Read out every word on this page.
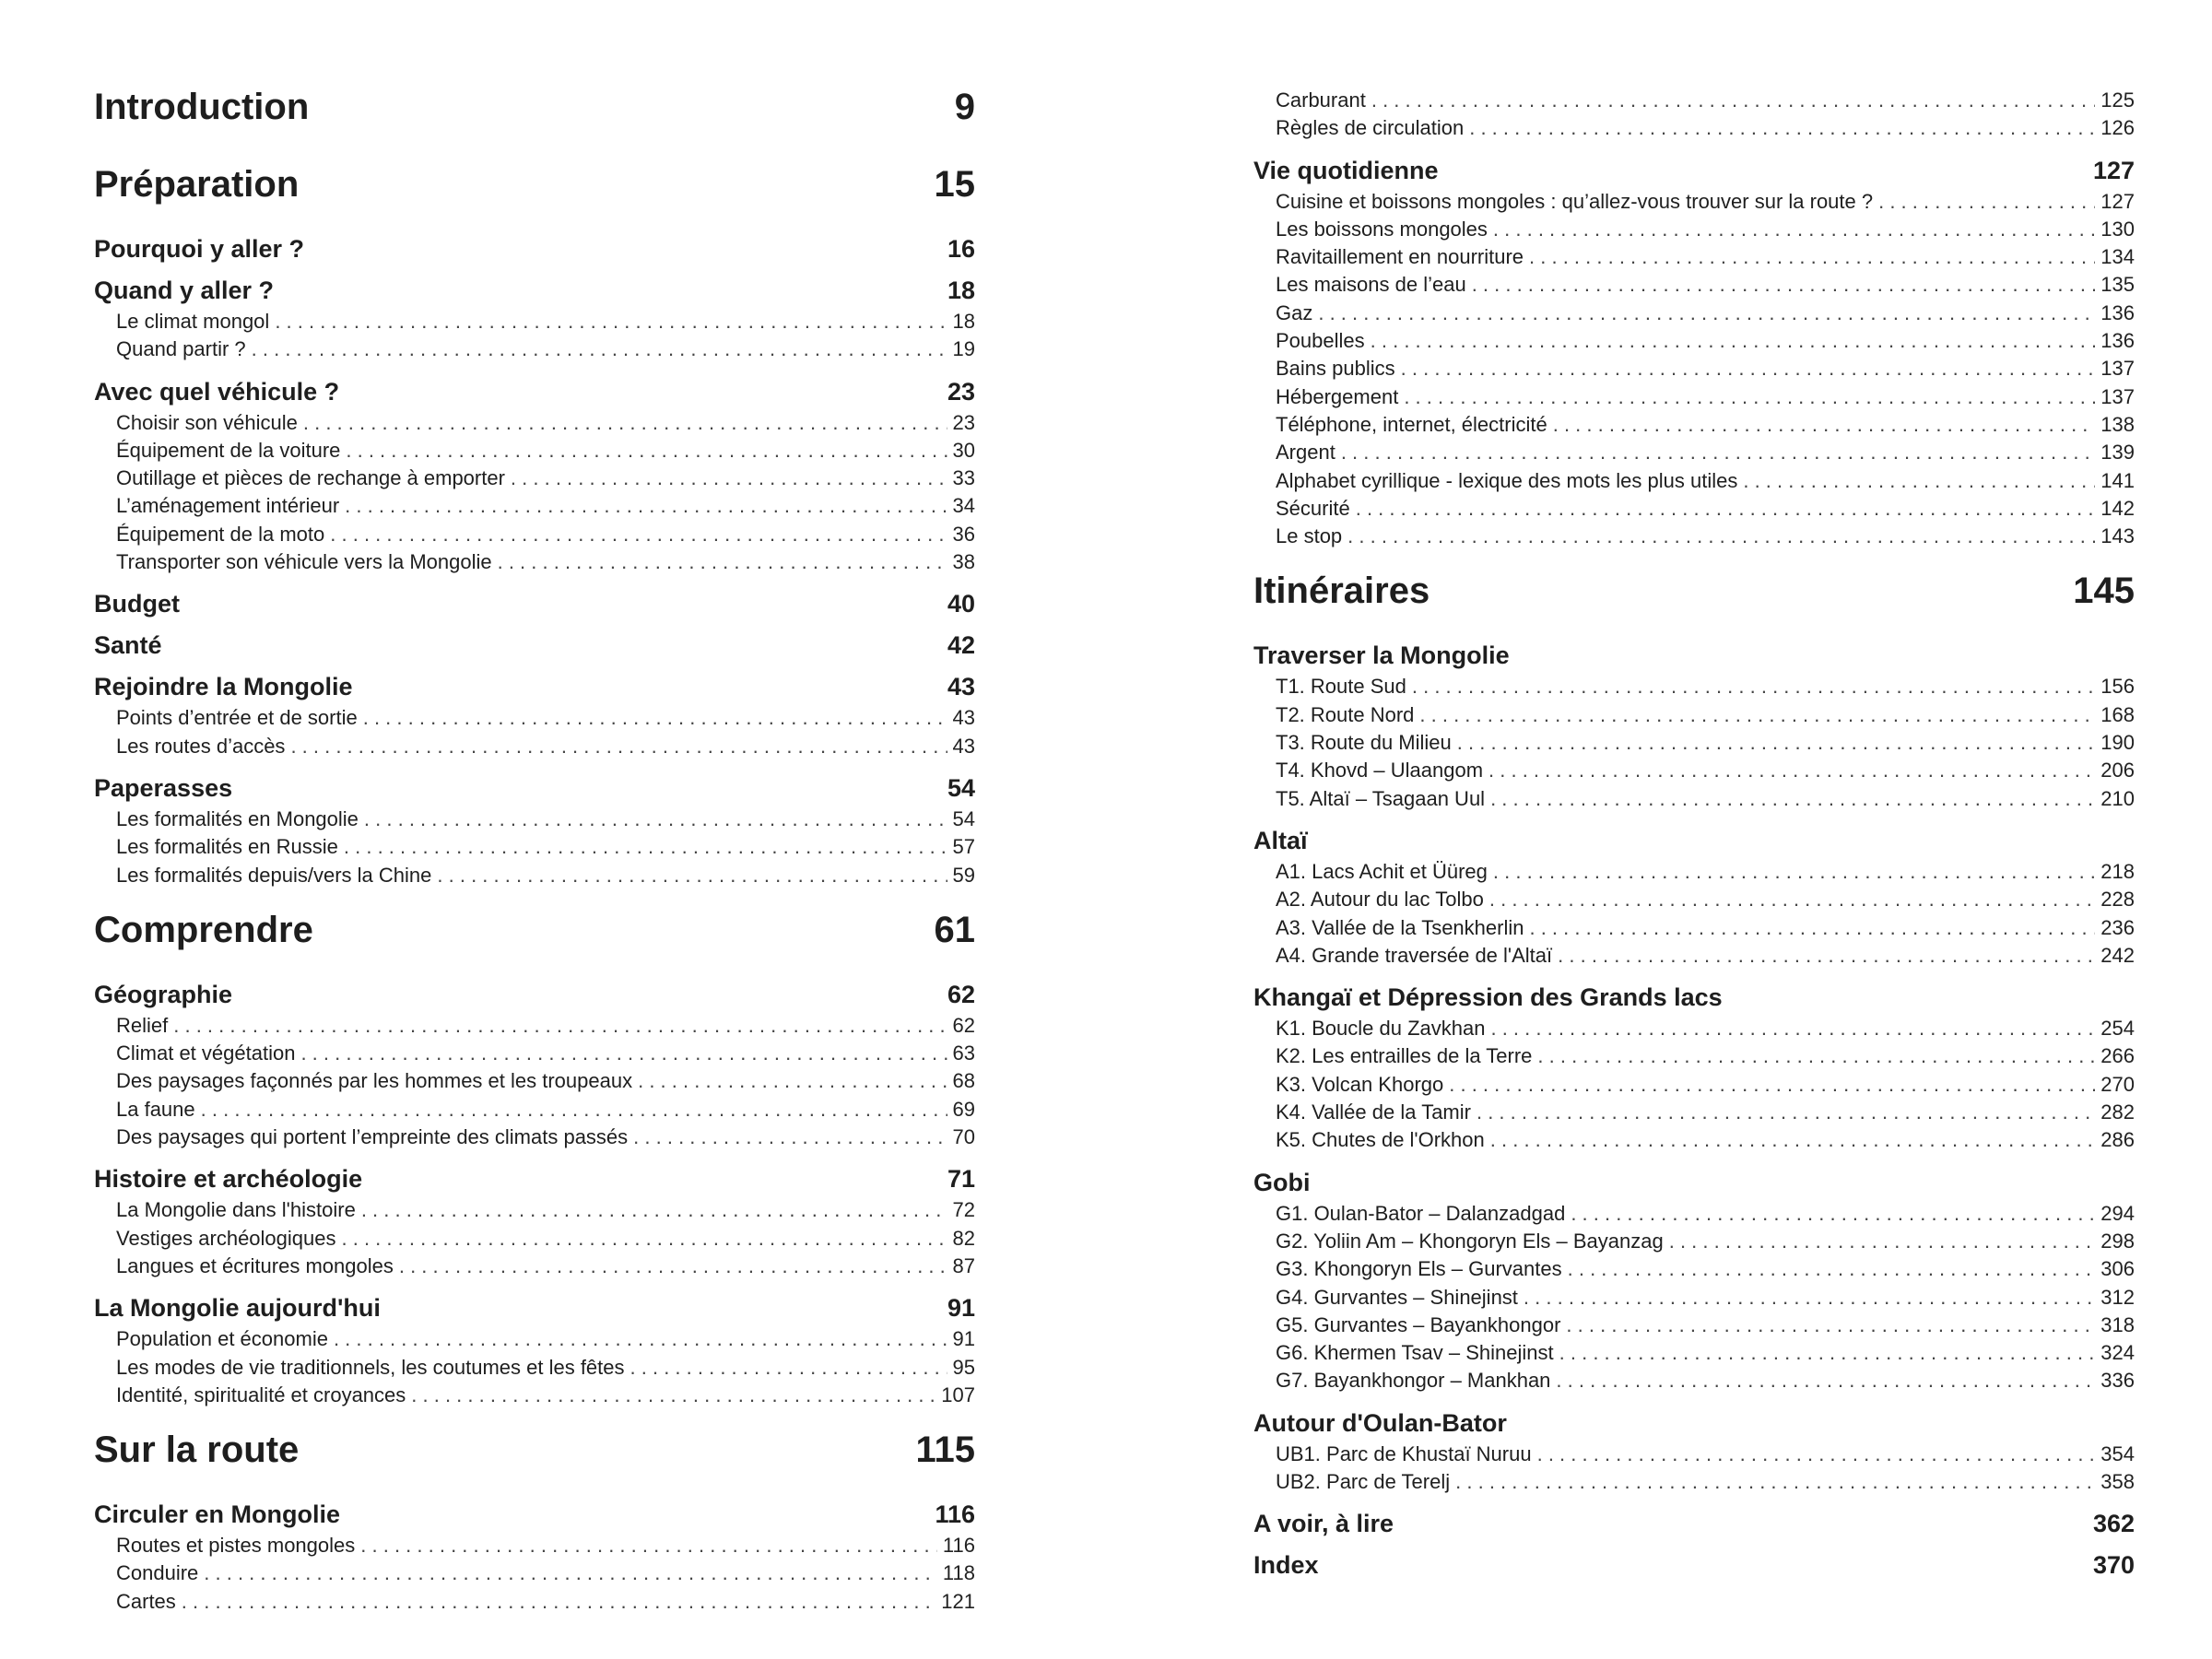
Introduction	9
Préparation	15
Pourquoi y aller ?	16
Quand y aller ?	18
Le climat mongol . . .	18
Quand partir ? . . .	19
Avec quel véhicule ?	23
Choisir son véhicule . . .	23
Équipement de la voiture . . .	30
Outillage et pièces de rechange à emporter . . .	33
L’aménagement intérieur . . .	34
Équipement de la moto . . .	36
Transporter son véhicule vers la Mongolie . . .	38
Budget	40
Santé	42
Rejoindre la Mongolie	43
Points d’entrée et de sortie . . .	43
Les routes d’accès . . .	43
Paperasses	54
Les formalités en Mongolie . . .	54
Les formalités en Russie . . .	57
Les formalités depuis/vers la Chine . . .	59
Comprendre	61
Géographie	62
Relief . . .	62
Climat et végétation . . .	63
Des paysages façonnés par les hommes et les troupeaux . . .	68
La faune . . .	69
Des paysages qui portent l’empreinte des climats passés . . .	70
Histoire et archéologie	71
La Mongolie dans l'histoire . . .	72
Vestiges archéologiques . . .	82
Langues et écritures mongoles . . .	87
La Mongolie aujourd'hui	91
Population et économie . . .	91
Les modes de vie traditionnels, les coutumes et les fêtes . . .	95
Identité, spiritualité et croyances . . .	107
Sur la route	115
Circuler en Mongolie	116
Routes et pistes mongoles . . .	116
Conduire . . .	118
Cartes . . .	121
Carburant . . .	125
Règles de circulation . . .	126
Vie quotidienne	127
Cuisine et boissons mongoles : qu’allez-vous trouver sur la route ? . . .	127
Les boissons mongoles . . .	130
Ravitaillement en nourriture . . .	134
Les maisons de l’eau . . .	135
Gaz . . .	136
Poubelles . . .	136
Bains publics . . .	137
Hébergement . . .	137
Téléphone, internet, électricité . . .	138
Argent . . .	139
Alphabet cyrillique - lexique des mots les plus utiles . . .	141
Sécurité . . .	142
Le stop . . .	143
Itinéraires	145
Traverser la Mongolie
T1. Route Sud . . .	156
T2. Route Nord . . .	168
T3. Route du Milieu . . .	190
T4. Khovd – Ulaangom . . .	206
T5. Altaï – Tsagaan Uul . . .	210
Altaï
A1. Lacs Achit et Üüreg . . .	218
A2. Autour du lac Tolbo . . .	228
A3. Vallée de la Tsenkherlin . . .	236
A4. Grande traversée de l'Altaï . . .	242
Khangaï et Dépression des Grands lacs
K1. Boucle du Zavkhan . . .	254
K2. Les entrailles de la Terre . . .	266
K3. Volcan Khorgo . . .	270
K4. Vallée de la Tamir . . .	282
K5. Chutes de l'Orkhon . . .	286
Gobi
G1. Oulan-Bator – Dalanzadgad . . .	294
G2. Yoliin Am – Khongoryn Els – Bayanzag . . .	298
G3. Khongoryn Els – Gurvantes . . .	306
G4. Gurvantes – Shinejinst . . .	312
G5. Gurvantes – Bayankhongor . . .	318
G6. Khermen Tsav – Shinejinst . . .	324
G7. Bayankhongor – Mankhan . . .	336
Autour d'Oulan-Bator
UB1. Parc de Khustaï Nuruu . . .	354
UB2. Parc de Terelj . . .	358
A voir, à lire	362
Index	370
